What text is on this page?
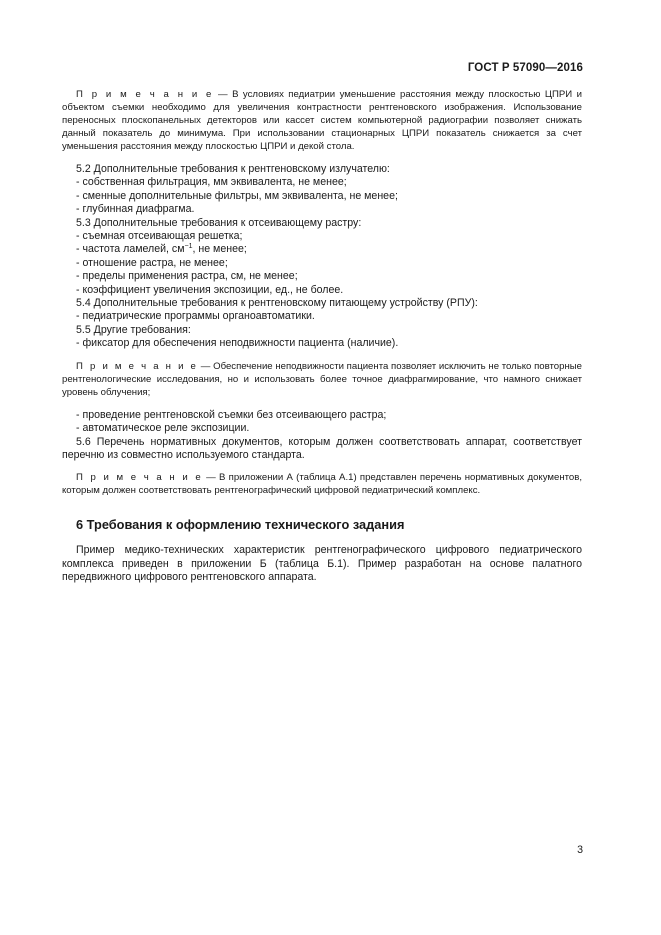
ГОСТ Р 57090—2016

П р и м е ч а н и е — В условиях педиатрии уменьшение расстояния между плоскостью ЦПРИ и объектом съемки необходимо для увеличения контрастности рентгеновского изображения. Использование переносных плоскопанельных детекторов или кассет систем компьютерной радиографии позволяет снижать данный показатель до минимума. При использовании стационарных ЦПРИ показатель снижается за счет уменьшения расстояния между плоскостью ЦПРИ и декой стола.

5.2 Дополнительные требования к рентгеновскому излучателю:

- собственная фильтрация, мм эквивалента, не менее;

- сменные дополнительные фильтры, мм эквивалента, не менее;

- глубинная диафрагма.

5.3 Дополнительные требования к отсеивающему растру:

- съемная отсеивающая решетка;

- частота ламелей, $см^{-1}$, не менее;

- отношение растра, не менее;

- пределы применения растра, см, не менее;

- коэффициент увеличения экспозиции, ед., не более.

5.4 Дополнительные требования к рентгеновскому питающему устройству (РПУ):

- педиатрические программы органоавтоматики.

5.5 Другие требования:

- фиксатор для обеспечения неподвижности пациента (наличие).

П р и м е ч а н и е — Обеспечение неподвижности пациента позволяет исключить не только повторные рентгенологические исследования, но и использовать более точное диафрагмирование, что намного снижает уровень облучения;

- проведение рентгеновской съемки без отсеивающего растра;

- автоматическое реле экспозиции.

5.6 Перечень нормативных документов, которым должен соответствовать аппарат, соответствует перечню из совместно используемого стандарта.

П р и м е ч а н и е — В приложении А (таблица А.1) представлен перечень нормативных документов, которым должен соответствовать рентгенографический цифровой педиатрический комплекс.

6 Требования к оформлению технического задания

Пример медико-технических характеристик рентгенографического цифрового педиатрического комплекса приведен в приложении Б (таблица Б.1). Пример разработан на основе палатного передвижного цифрового рентгеновского аппарата.

3
